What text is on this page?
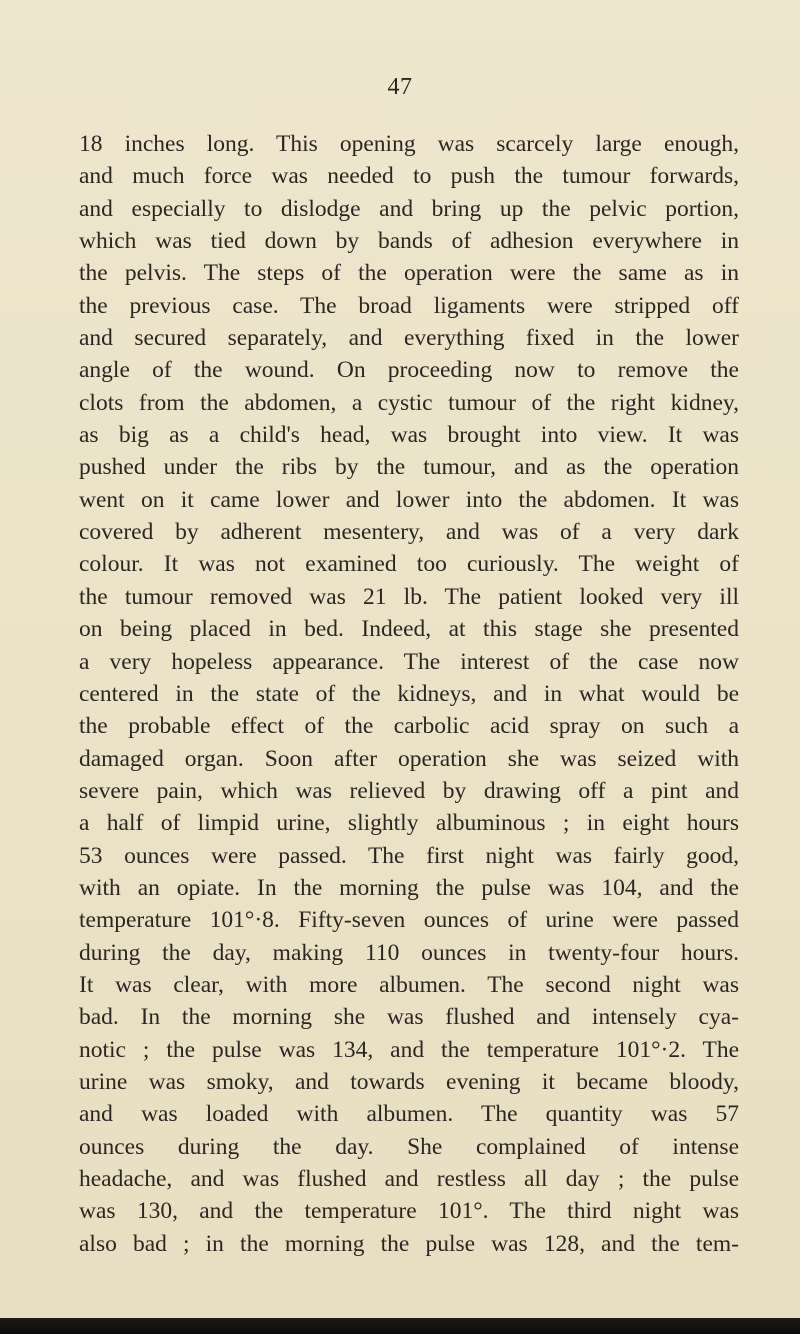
47
18 inches long. This opening was scarcely large enough,
and much force was needed to push the tumour forwards,
and especially to dislodge and bring up the pelvic portion,
which was tied down by bands of adhesion everywhere in
the pelvis. The steps of the operation were the same as in
the previous case. The broad ligaments were stripped off
and secured separately, and everything fixed in the lower
angle of the wound. On proceeding now to remove the
clots from the abdomen, a cystic tumour of the right kidney,
as big as a child's head, was brought into view. It was
pushed under the ribs by the tumour, and as the operation
went on it came lower and lower into the abdomen. It was
covered by adherent mesentery, and was of a very dark
colour. It was not examined too curiously. The weight of
the tumour removed was 21 lb. The patient looked very ill
on being placed in bed. Indeed, at this stage she presented
a very hopeless appearance. The interest of the case now
centered in the state of the kidneys, and in what would be
the probable effect of the carbolic acid spray on such a
damaged organ. Soon after operation she was seized with
severe pain, which was relieved by drawing off a pint and
a half of limpid urine, slightly albuminous ; in eight hours
53 ounces were passed. The first night was fairly good,
with an opiate. In the morning the pulse was 104, and the
temperature 101°·8. Fifty-seven ounces of urine were passed
during the day, making 110 ounces in twenty-four hours.
It was clear, with more albumen. The second night was
bad. In the morning she was flushed and intensely cya-
notic ; the pulse was 134, and the temperature 101°·2. The
urine was smoky, and towards evening it became bloody,
and was loaded with albumen. The quantity was 57
ounces during the day. She complained of intense
headache, and was flushed and restless all day ; the pulse
was 130, and the temperature 101°. The third night was
also bad ; in the morning the pulse was 128, and the tem-
